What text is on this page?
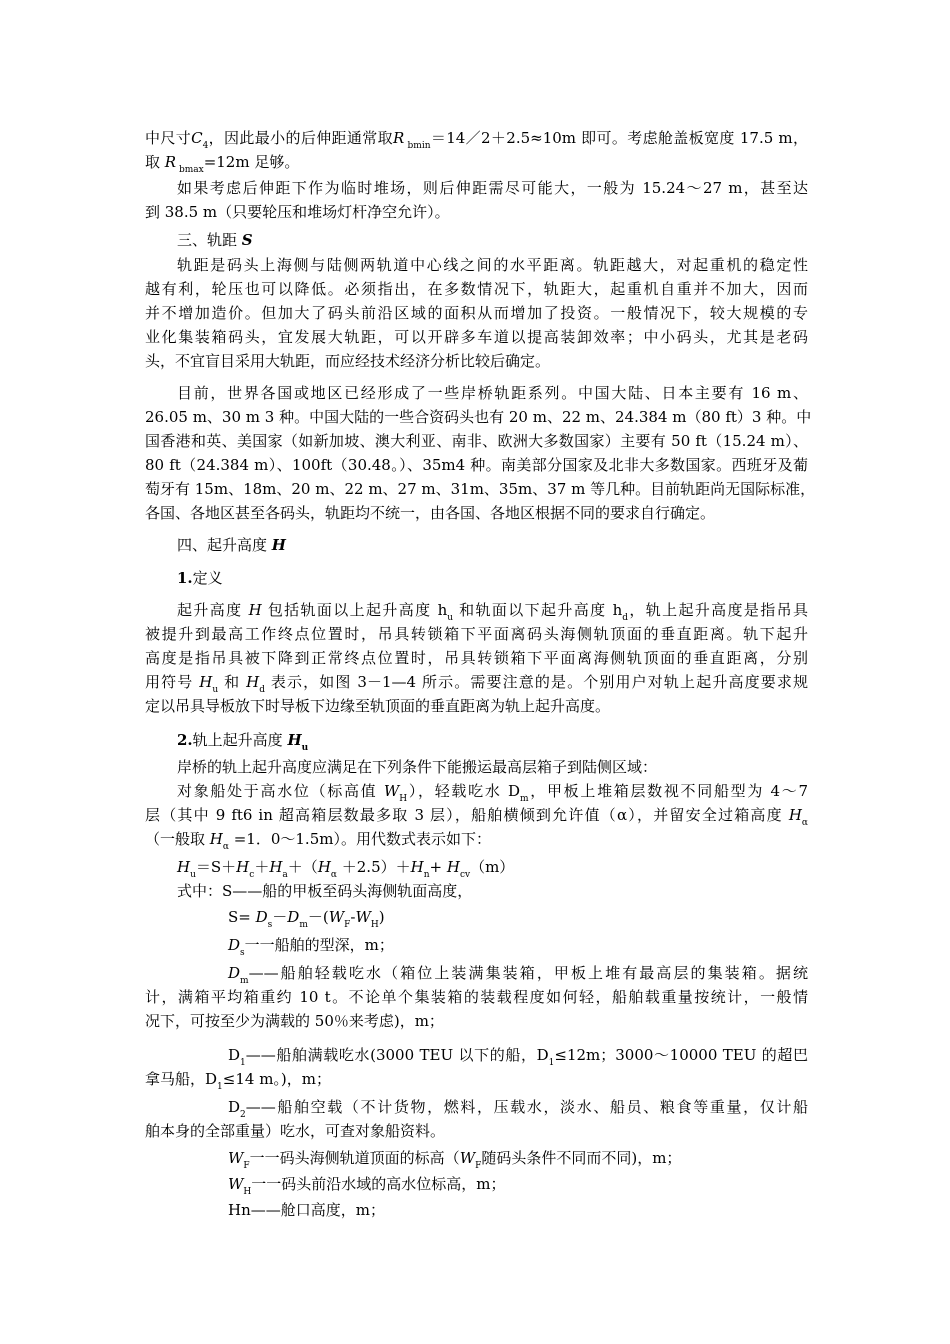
中尺寸$C_4$，因此最小的后伸距通常取R $_{bmin}$＝14／2＋2.5≈10m 即可。考虑舱盖板宽度 17.5 m，
取 R $_{bmax}$=12m 足够。
如果考虑后伸距下作为临时堆场，则后伸距需尽可能大，一般为 15.24～27 m，甚至达
到 38.5 m（只要轮压和堆场灯杆净空允许）。
三、轨距 S
轨距是码头上海侧与陆侧两轨道中心线之间的水平距离。轨距越大，对起重机的稳定性
越有利，轮压也可以降低。必须指出，在多数情况下，轨距大，起重机自重并不加大，因而
并不增加造价。但加大了码头前沿区域的面积从而增加了投资。一般情况下，较大规模的专
业化集装箱码头，宜发展大轨距，可以开辟多车道以提高装卸效率；中小码头，尤其是老码
头，不宜盲目采用大轨距，而应经技术经济分析比较后确定。
目前，世界各国或地区已经形成了一些岸桥轨距系列。中国大陆、日本主要有 16 m、
26.05 m、30 m 3 种。中国大陆的一些合资码头也有 20 m、22 m、24.384 m（80 ft）3 种。中
国香港和英、美国家（如新加坡、澳大利亚、南非、欧洲大多数国家）主要有 50 ft（15.24 m）、
80 ft（24.384 m）、100ft（30.48。）、35m4 种。南美部分国家及北非大多数国家。西班牙及葡
萄牙有 15m、18m、20 m、22 m、27 m、31m、35m、37 m 等几种。目前轨距尚无国际标准，
各国、各地区甚至各码头，轨距均不统一，由各国、各地区根据不同的要求自行确定。
四、起升高度 H
1.定义
起升高度 H 包括轨面以上起升高度 $h_u$ 和轨面以下起升高度 $h_d$，轨上起升高度是指吊具
被提升到最高工作终点位置时，吊具转锁箱下平面离码头海侧轨顶面的垂直距离。轨下起升
高度是指吊具被下降到正常终点位置时，吊具转锁箱下平面离海侧轨顶面的垂直距离，分别
用符号 $H_u$ 和 $H_d$ 表示，如图 3－1—4 所示。需要注意的是。个别用户对轨上起升高度要求规
定以吊具导板放下时导板下边缘至轨顶面的垂直距离为轨上起升高度。
2.轨上起升高度 $H_u$
岸桥的轨上起升高度应满足在下列条件下能搬运最高层箱子到陆侧区域：
对象船处于高水位（标高值 $W_H$），轻载吃水 $D_m$，甲板上堆箱层数视不同船型为 4～7
层（其中 9 ft6 in 超高箱层数最多取 3 层），船舶横倾到允许值（α），并留安全过箱高度 $H_\alpha$
（一般取 $H_\alpha =1$．0～1.5m）。用代数式表示如下：
$H_u=S+H_c+H_a+(H_\alpha +2.5)+H_n+ H_{cv}(m)$
式中：S——船的甲板至码头海侧轨面高度，
$S= D_s-D_m-(W_F-W_H)$
$D_s$一一船舶的型深，m；
$D_m——$船舶轻载吃水（箱位上装满集装箱，甲板上堆有最高层的集装箱。据统
计，满箱平均箱重约 10 t。不论单个集装箱的装载程度如何轻，船舶载重量按统计，一般情
况下，可按至少为满载的 50％来考虑)，m；
$D_1——$船舶满载吃水(3000 TEU 以下的船，$D_1\le 12m$；3000～10000 TEU 的超巴
拿马船，$D_1\le 14$ m。)，m；
$D_2——$船舶空载（不计货物，燃料，压载水，淡水、船员、粮食等重量，仅计船
舶本身的全部重量）吃水，可查对象船资料。
$W_F$一一码头海侧轨道顶面的标高（$W_F$随码头条件不同而不同)，m；
$W_H$一一码头前沿水域的高水位标高，m；
Hn——舱口高度，m；
